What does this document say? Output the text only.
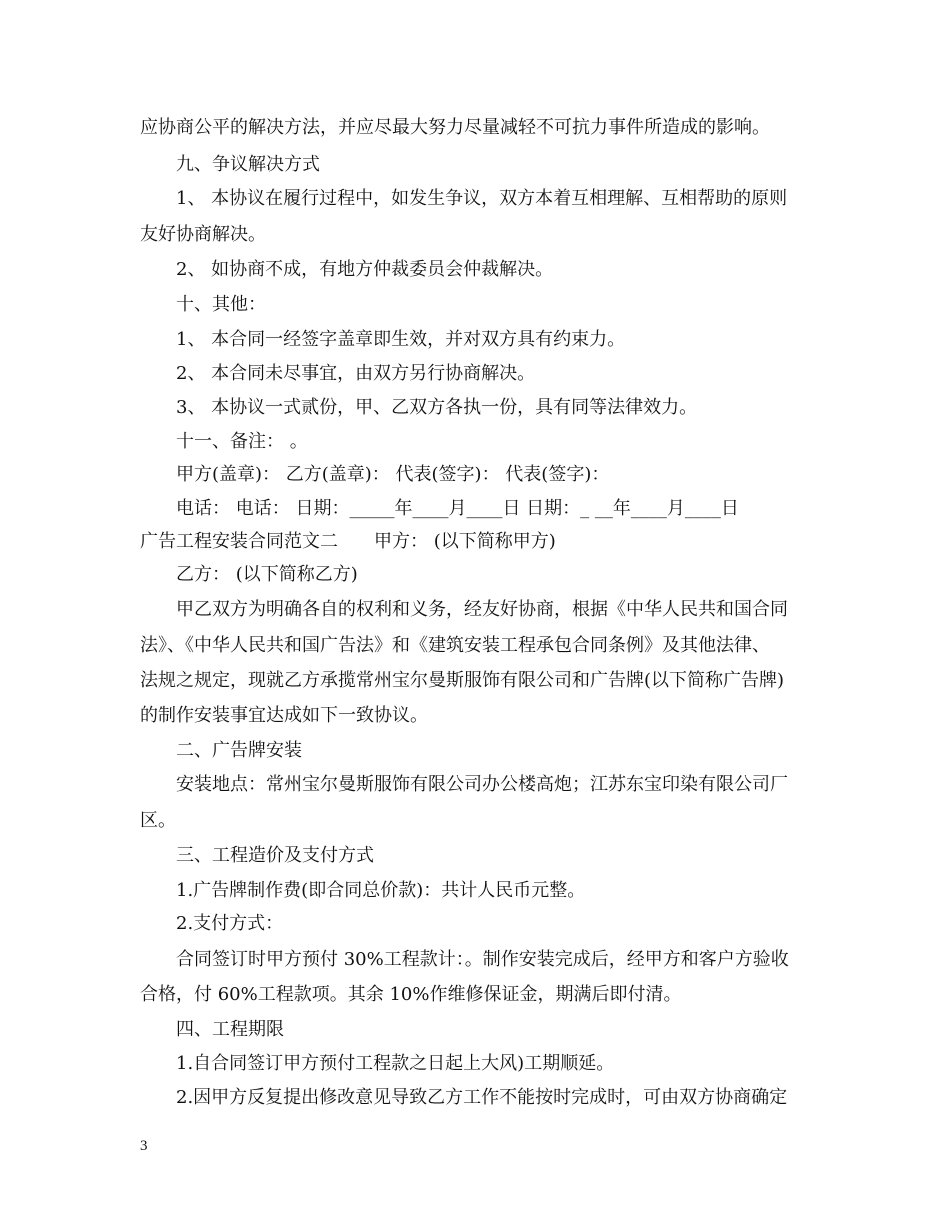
应协商公平的解决方法，并应尽最大努力尽量减轻不可抗力事件所造成的影响。
九、争议解决方式
1、 本协议在履行过程中，如发生争议，双方本着互相理解、互相帮助的原则
友好协商解决。
2、 如协商不成，有地方仲裁委员会仲裁解决。
十、其他：
1、 本合同一经签字盖章即生效，并对双方具有约束力。
2、 本合同未尽事宜，由双方另行协商解决。
3、 本协议一式贰份，甲、乙双方各执一份，具有同等法律效力。
十一、备注： 。
甲方(盖章)： 乙方(盖章)： 代表(签字)： 代表(签字)：
电话： 电话： 日期：_____年____月____日 日期：_ __年____月____日
广告工程安装合同范文二　　甲方： (以下简称甲方)
乙方： (以下简称乙方)
甲乙双方为明确各自的权利和义务，经友好协商，根据《中华人民共和国合同
法》、《中华人民共和国广告法》和《建筑安装工程承包合同条例》及其他法律、
法规之规定，现就乙方承揽常州宝尔曼斯服饰有限公司和广告牌(以下简称广告牌)
的制作安装事宜达成如下一致协议。
二、广告牌安装
安装地点：常州宝尔曼斯服饰有限公司办公楼高炮；江苏东宝印染有限公司厂
区。
三、工程造价及支付方式
1.广告牌制作费(即合同总价款)：共计人民币元整。
2.支付方式：
合同签订时甲方预付 30%工程款计：。制作安装完成后，经甲方和客户方验收
合格，付 60%工程款项。其余 10%作维修保证金，期满后即付清。
四、工程期限
1.自合同签订甲方预付工程款之日起上大风)工期顺延。
2.因甲方反复提出修改意见导致乙方工作不能按时完成时，可由双方协商确定
3
